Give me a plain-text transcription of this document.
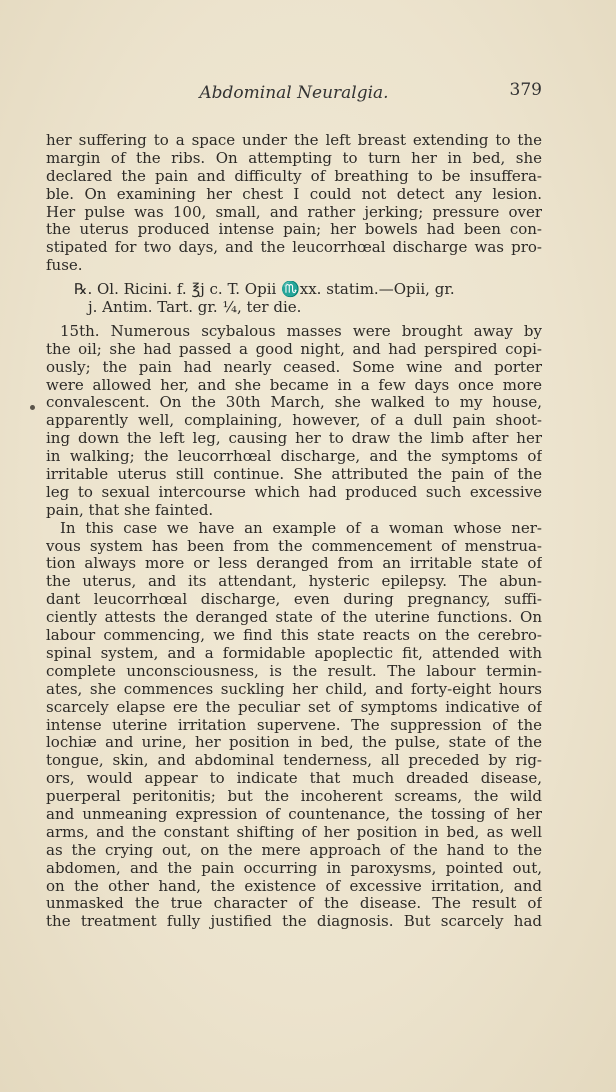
Abdominal Neuralgia.	379
her suffering to a space under the left breast extending to the
margin of the ribs. On attempting to turn her in bed, she
declared the pain and difficulty of breathing to be insuffera-
ble. On examining her chest I could not detect any lesion.
Her pulse was 100, small, and rather jerking; pressure over
the uterus produced intense pain; her bowels had been con-
stipated for two days, and the leucorrhœal discharge was pro-
fuse.
℞. Ol. Ricini. f. ℥j c. T. Opii ♏xx. statim.—Opii, gr.
j. Antim. Tart. gr. ¼, ter die.
15th. Numerous scybalous masses were brought away by
the oil; she had passed a good night, and had perspired copi-
ously; the pain had nearly ceased. Some wine and porter
were allowed her, and she became in a few days once more
convalescent. On the 30th March, she walked to my house,
apparently well, complaining, however, of a dull pain shoot-
ing down the left leg, causing her to draw the limb after her
in walking; the leucorrhœal discharge, and the symptoms of
irritable uterus still continue. She attributed the pain of the
leg to sexual intercourse which had produced such excessive
pain, that she fainted.
In this case we have an example of a woman whose ner-
vous system has been from the commencement of menstrua-
tion always more or less deranged from an irritable state of
the uterus, and its attendant, hysteric epilepsy. The abun-
dant leucorrhœal discharge, even during pregnancy, suffi-
ciently attests the deranged state of the uterine functions. On
labour commencing, we find this state reacts on the cerebro-
spinal system, and a formidable apoplectic fit, attended with
complete unconsciousness, is the result. The labour termin-
ates, she commences suckling her child, and forty-eight hours
scarcely elapse ere the peculiar set of symptoms indicative of
intense uterine irritation supervene. The suppression of the
lochiæ and urine, her position in bed, the pulse, state of the
tongue, skin, and abdominal tenderness, all preceded by rig-
ors, would appear to indicate that much dreaded disease,
puerperal peritonitis; but the incoherent screams, the wild
and unmeaning expression of countenance, the tossing of her
arms, and the constant shifting of her position in bed, as well
as the crying out, on the mere approach of the hand to the
abdomen, and the pain occurring in paroxysms, pointed out,
on the other hand, the existence of excessive irritation, and
unmasked the true character of the disease. The result of
the treatment fully justified the diagnosis. But scarcely had
